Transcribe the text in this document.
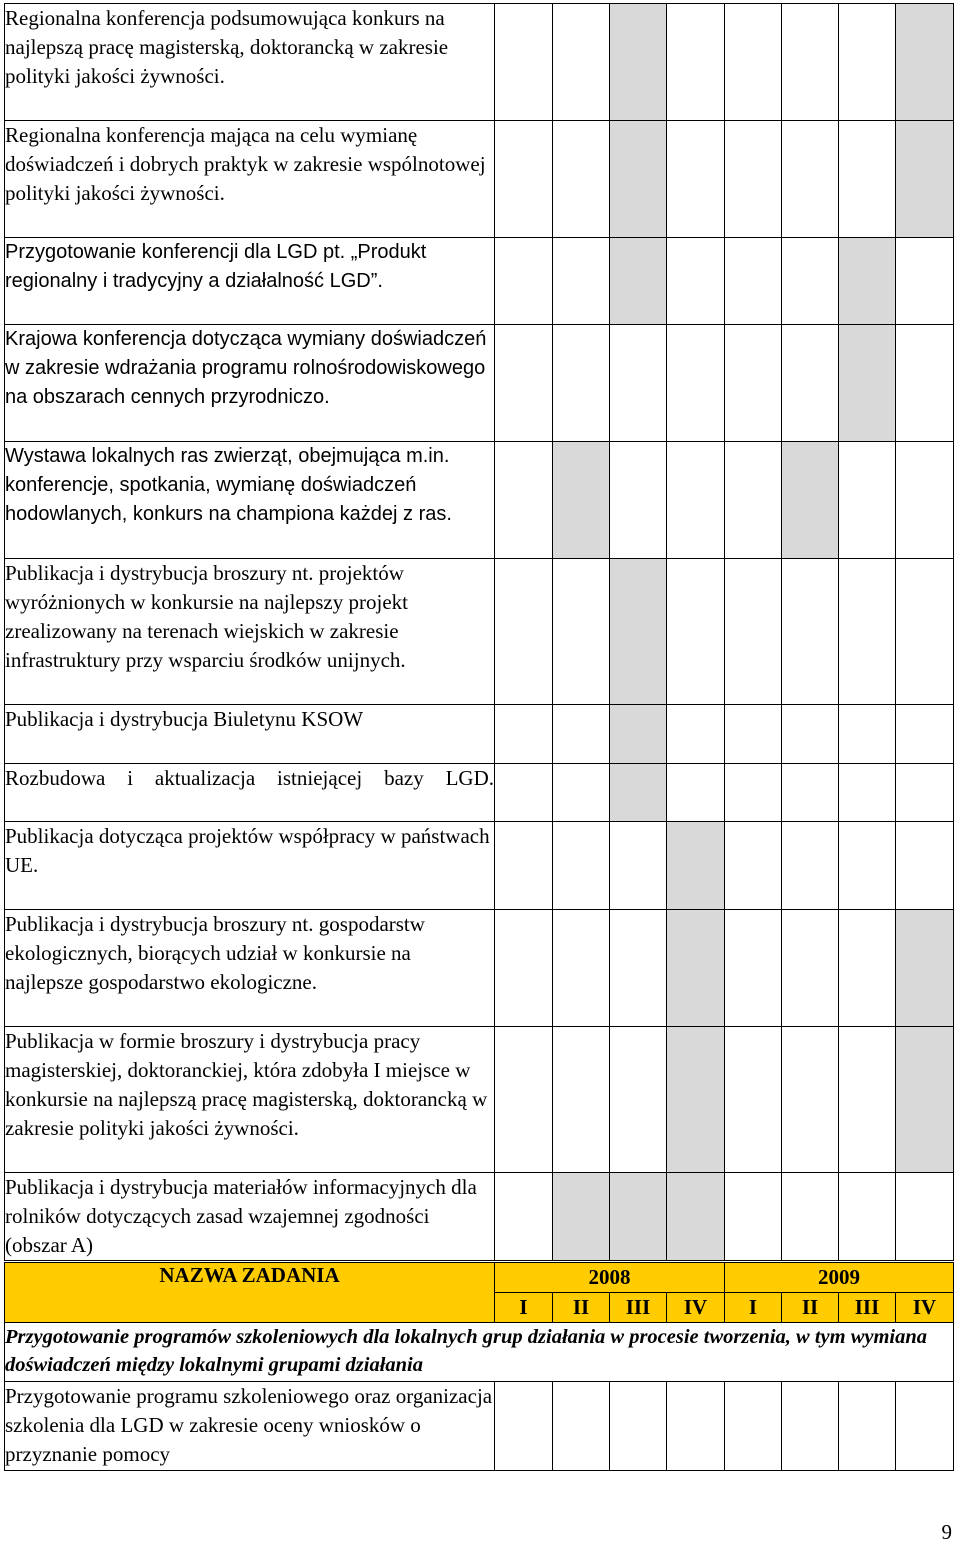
Regionalna konferencja podsumowująca konkurs na najlepszą pracę magisterską, doktorancką w zakresie polityki jakości żywności.								
Regionalna konferencja mająca na celu wymianę doświadczeń i dobrych praktyk w zakresie wspólnotowej polityki jakości żywności.								
Przygotowanie konferencji dla LGD pt. „Produkt regionalny i tradycyjny a działalność LGD”.								
Krajowa konferencja dotycząca wymiany doświadczeń w zakresie wdrażania programu rolnośrodowiskowego na obszarach cennych przyrodniczo.								
Wystawa lokalnych ras zwierząt, obejmująca m.in. konferencje, spotkania, wymianę doświadczeń hodowlanych, konkurs na championa każdej z ras.								
Publikacja i dystrybucja broszury nt. projektów wyróżnionych w konkursie na najlepszy projekt zrealizowany na terenach wiejskich w zakresie infrastruktury przy wsparciu środków unijnych.								
Publikacja i dystrybucja Biuletynu KSOW								
Rozbudowa i aktualizacja istniejącej bazy LGD.								
Publikacja dotycząca projektów współpracy w państwach UE.								
Publikacja i dystrybucja broszury nt. gospodarstw ekologicznych, biorących udział w konkursie na najlepsze gospodarstwo ekologiczne.								
Publikacja w formie broszury i dystrybucja pracy magisterskiej, doktoranckiej, która zdobyła I miejsce w konkursie na najlepszą pracę magisterską, doktorancką w zakresie polityki jakości żywności.								
Publikacja i dystrybucja materiałów informacyjnych dla rolników dotyczących zasad wzajemnej zgodności (obszar A)								
NAZWA ZADANIA	2008				2009			
	I	II	III	IV	I	II	III	IV
Przygotowanie programów szkoleniowych dla lokalnych grup działania w procesie tworzenia, w tym wymiana doświadczeń między lokalnymi grupami działania								
Przygotowanie programu szkoleniowego oraz organizacja szkolenia dla LGD w zakresie oceny wniosków o przyznanie pomocy								
9
